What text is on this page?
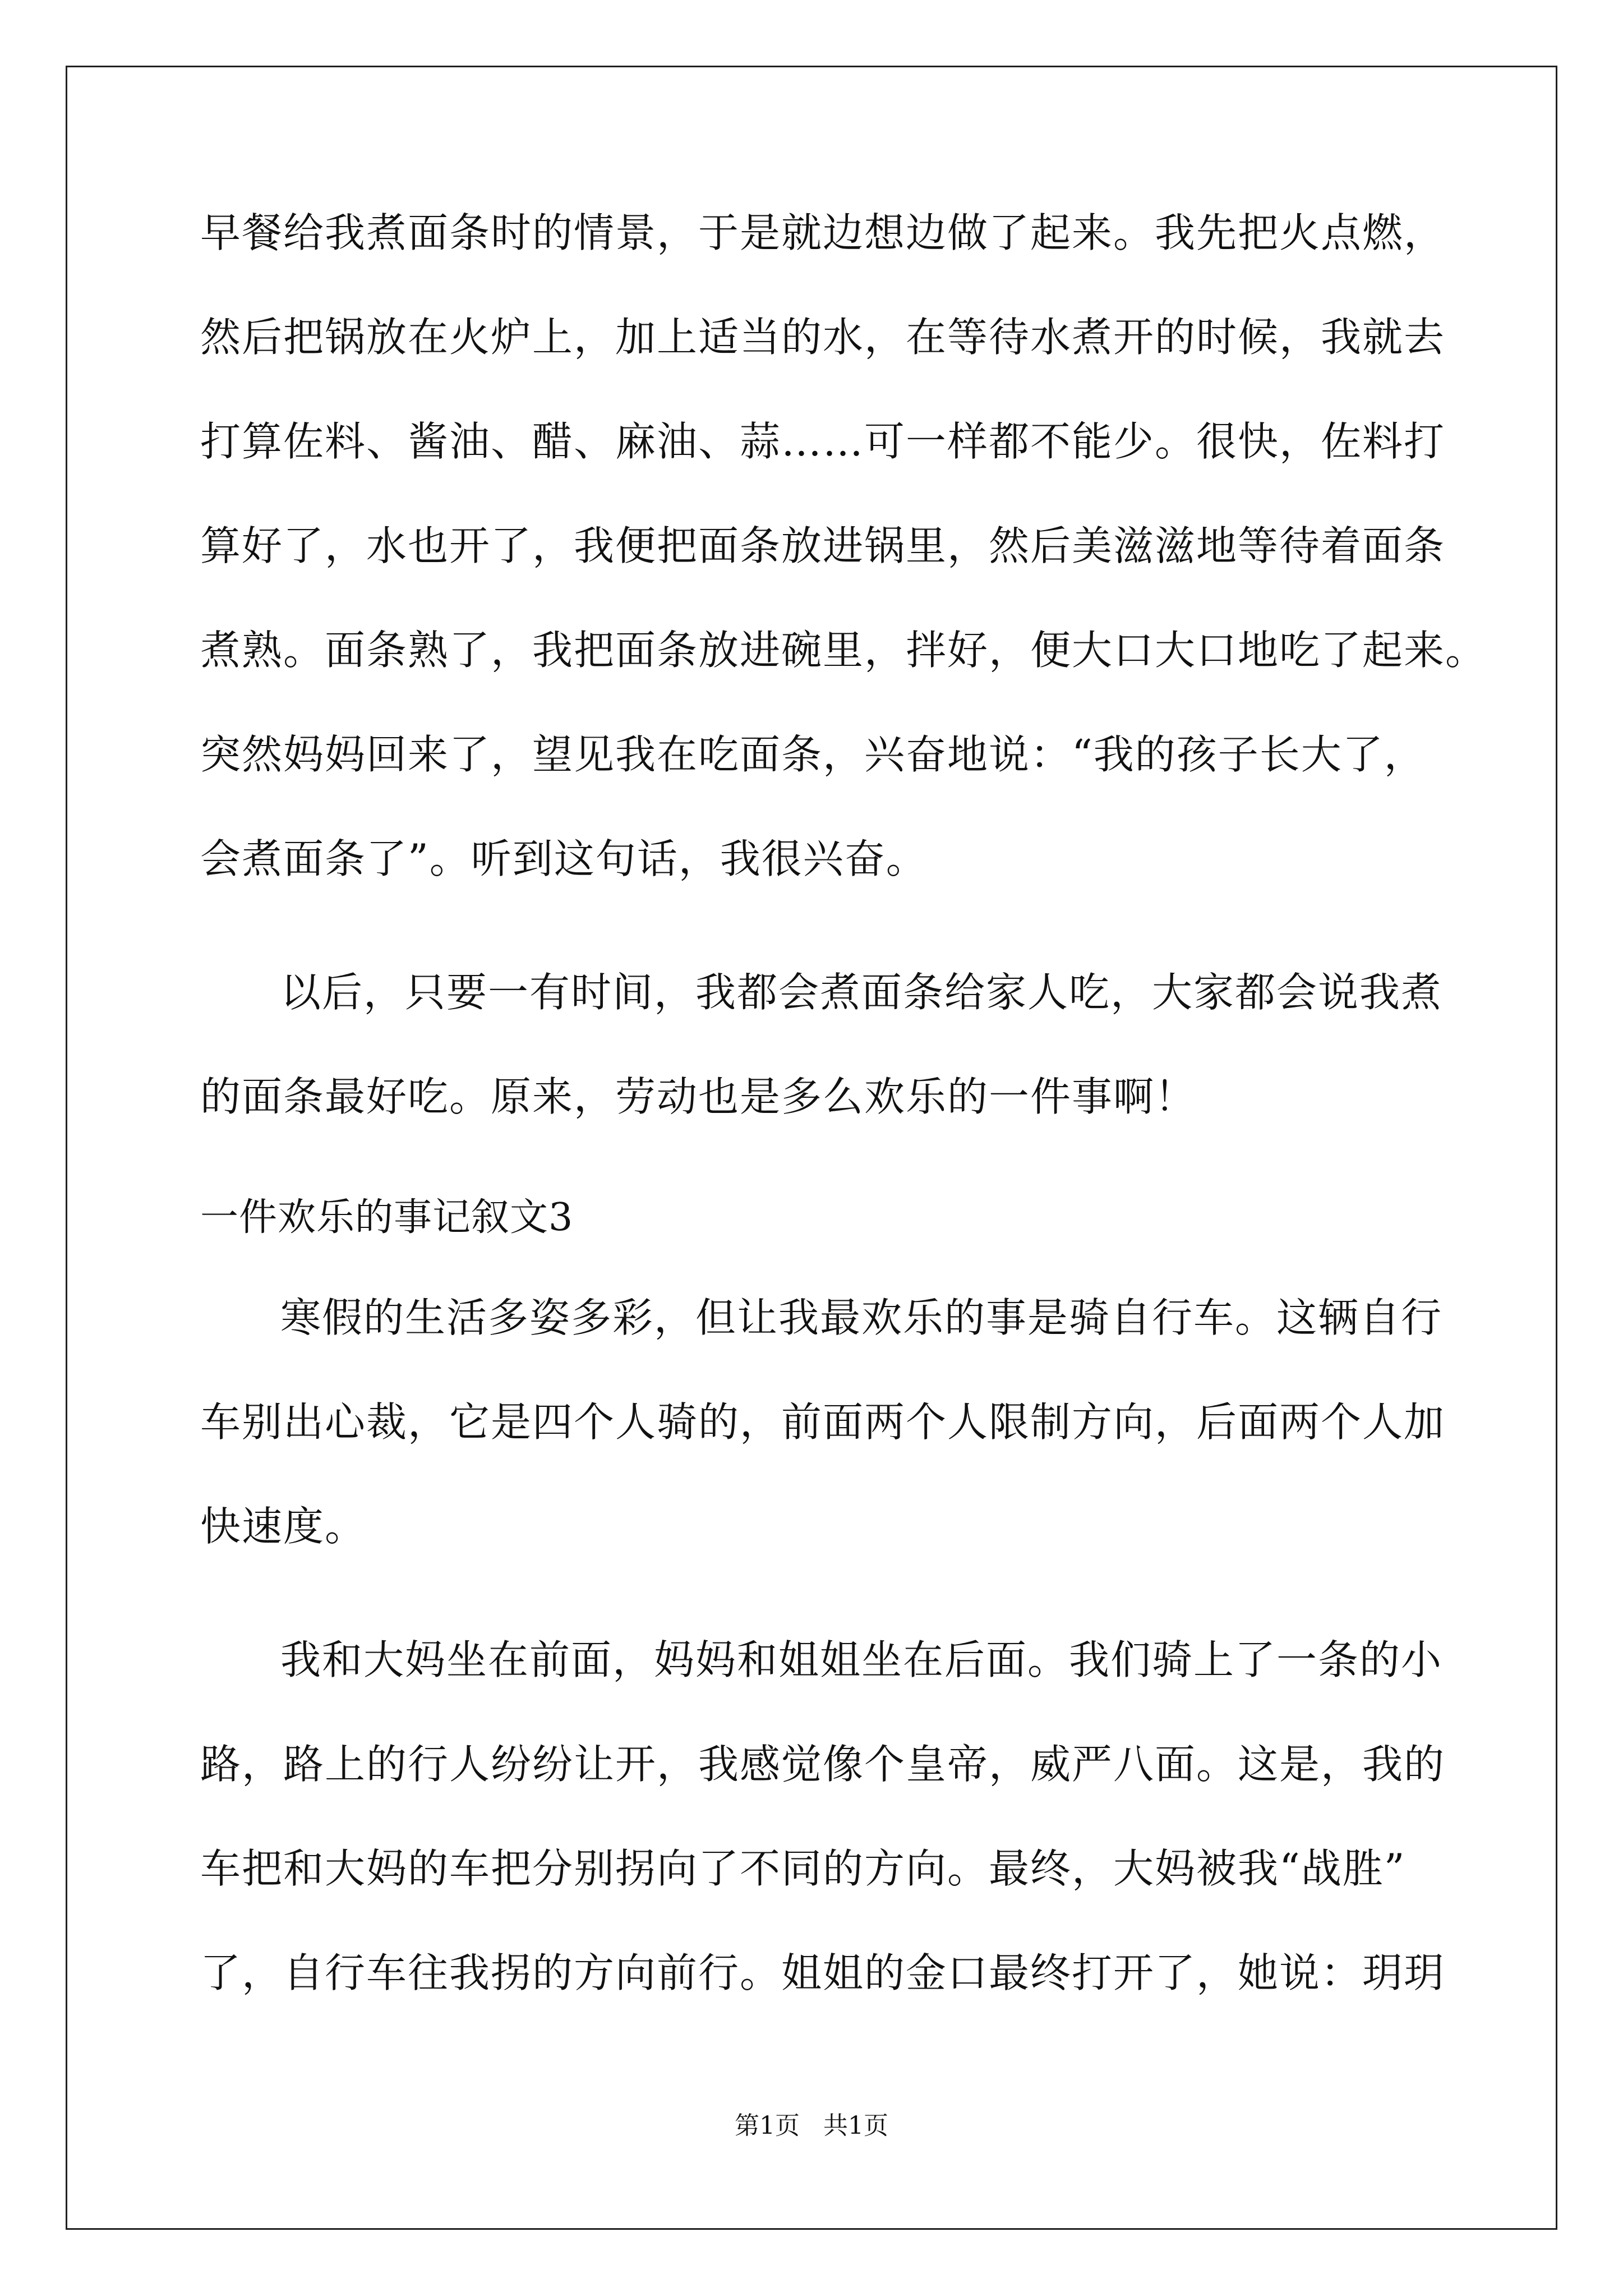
早餐给我煮面条时的情景，于是就边想边做了起来。我先把火点燃，
然后把锅放在火炉上，加上适当的水，在等待水煮开的时候，我就去
打算佐料、酱油、醋、麻油、蒜……可一样都不能少。很快，佐料打
算好了，水也开了，我便把面条放进锅里，然后美滋滋地等待着面条
煮熟。面条熟了，我把面条放进碗里，拌好，便大口大口地吃了起来。
突然妈妈回来了，望见我在吃面条，兴奋地说：“我的孩子长大了，
会煮面条了”。听到这句话，我很兴奋。
以后，只要一有时间，我都会煮面条给家人吃，大家都会说我煮
的面条最好吃。原来，劳动也是多么欢乐的一件事啊！
一件欢乐的事记叙文3
寒假的生活多姿多彩，但让我最欢乐的事是骑自行车。这辆自行
车别出心裁，它是四个人骑的，前面两个人限制方向，后面两个人加
快速度。
我和大妈坐在前面，妈妈和姐姐坐在后面。我们骑上了一条的小
路，路上的行人纷纷让开，我感觉像个皇帝，威严八面。这是，我的
车把和大妈的车把分别拐向了不同的方向。最终，大妈被我“战胜”
了，自行车往我拐的方向前行。姐姐的金口最终打开了，她说：玥玥
第1页   共1页
